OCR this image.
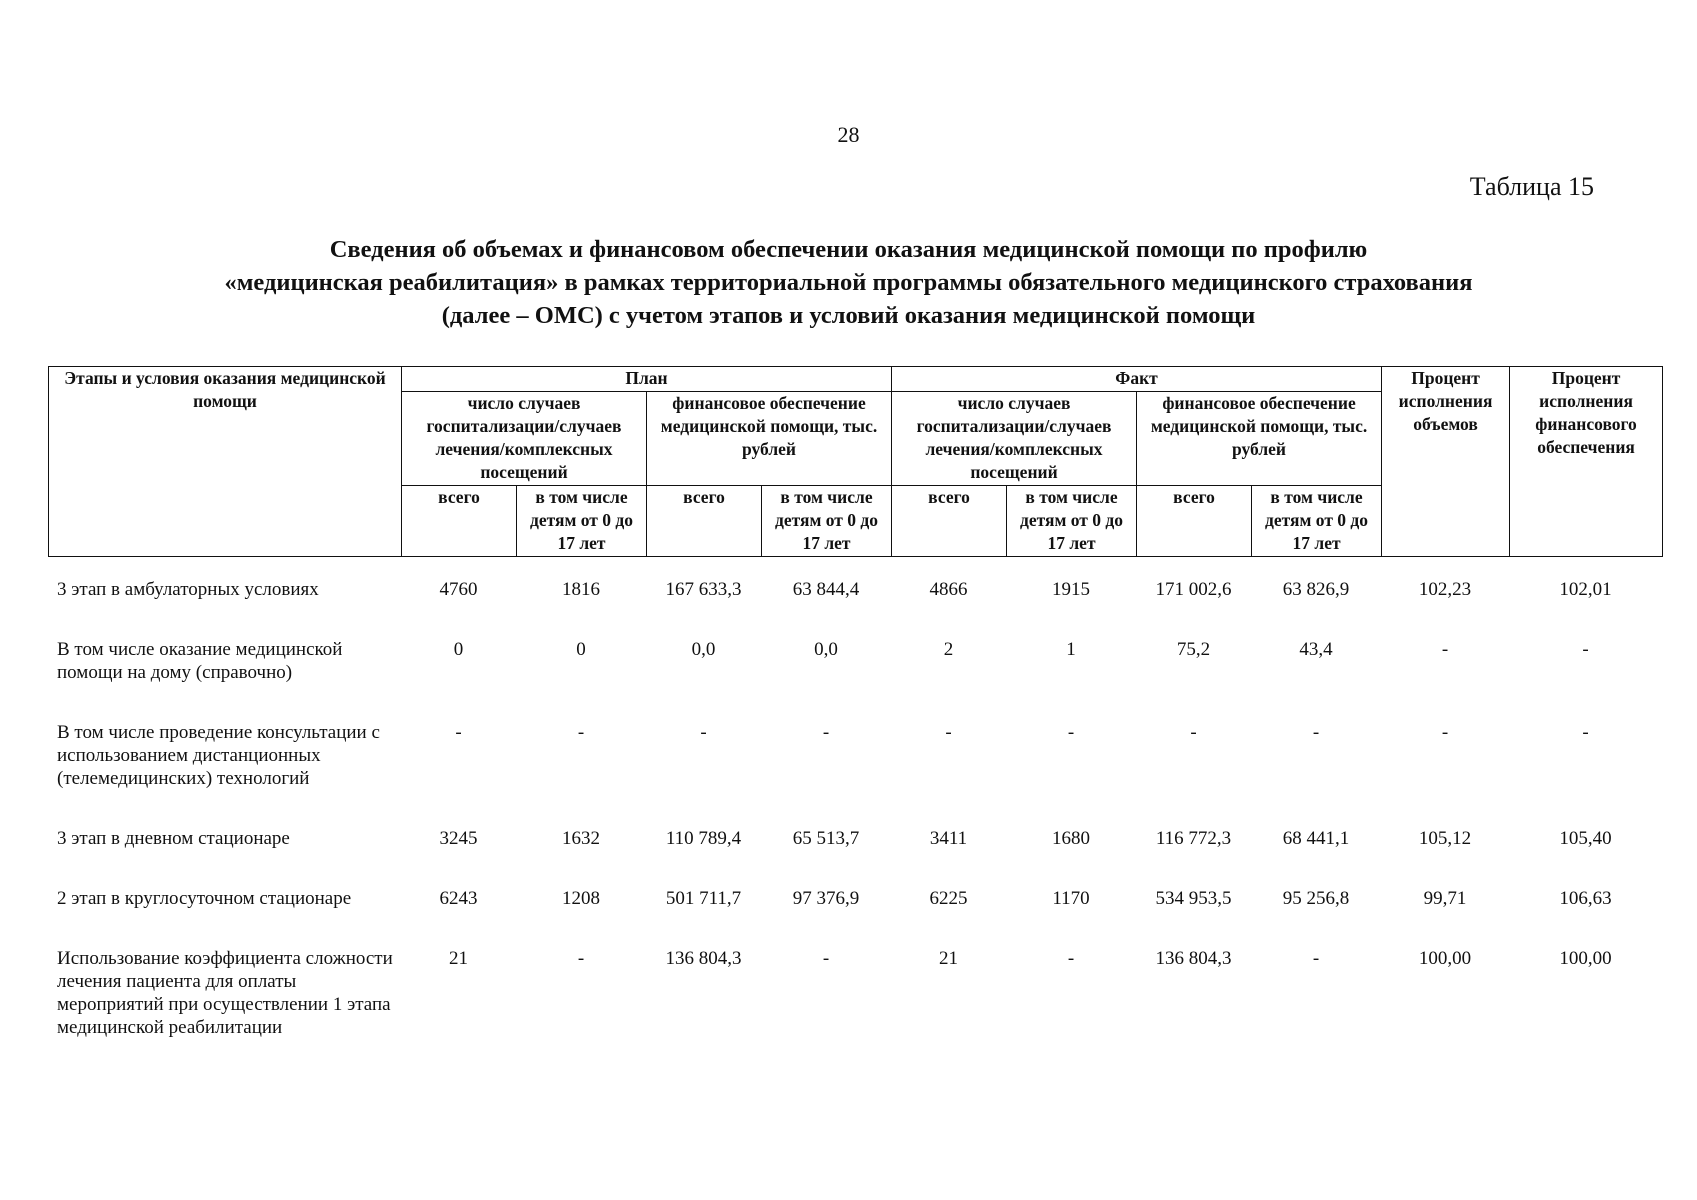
28
Таблица 15
Сведения об объемах и финансовом обеспечении оказания медицинской помощи по профилю
«медицинская реабилитация» в рамках территориальной программы обязательного медицинского страхования
(далее – ОМС) с учетом этапов и условий оказания медицинской помощи
Этапы и условия оказания медицинской помощи	План				Факт				Процент исполнения объемов	Процент исполнения финансового обеспечения
	число случаев госпитализации/случаев лечения/комплексных посещений		финансовое обеспечение медицинской помощи, тыс. рублей		число случаев госпитализации/случаев лечения/комплексных посещений		финансовое обеспечение медицинской помощи, тыс. рублей			
	всего	в том числе детям от 0 до 17 лет	всего	в том числе детям от 0 до 17 лет	всего	в том числе детям от 0 до 17 лет	всего	в том числе детям от 0 до 17 лет		
3 этап в амбулаторных условиях	4760	1816	167 633,3	63 844,4	4866	1915	171 002,6	63 826,9	102,23	102,01
В том числе оказание медицинской помощи на дому (справочно)	0	0	0,0	0,0	2	1	75,2	43,4	-	-
В том числе проведение консультации с использованием дистанционных (телемедицинских) технологий	-	-	-	-	-	-	-	-	-	-
3 этап в дневном стационаре	3245	1632	110 789,4	65 513,7	3411	1680	116 772,3	68 441,1	105,12	105,40
2 этап в круглосуточном стационаре	6243	1208	501 711,7	97 376,9	6225	1170	534 953,5	95 256,8	99,71	106,63
Использование коэффициента сложности лечения пациента для оплаты мероприятий при осуществлении 1 этапа медицинской реабилитации	21	-	136 804,3	-	21	-	136 804,3	-	100,00	100,00
